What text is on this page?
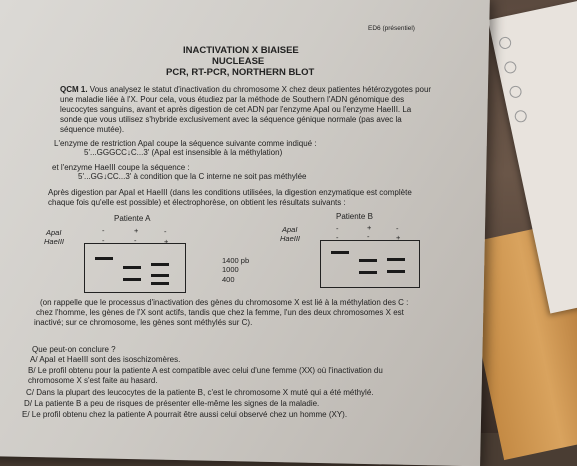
ED6 (présentiel)
INACTIVATION X BIAISEE
NUCLEASE
PCR, RT-PCR, NORTHERN BLOT
QCM 1. Vous analysez le statut d'inactivation du chromosome X chez deux patientes hétérozygotes pour
une maladie liée à l'X. Pour cela, vous étudiez par la méthode de Southern l'ADN génomique des
leucocytes sanguins, avant et après digestion de cet ADN par l'enzyme ApaI ou l'enzyme HaeIII. La
sonde que vous utilisez s'hybride exclusivement avec la séquence génique normale (pas avec la
séquence mutée).
L'enzyme de restriction ApaI coupe la séquence suivante comme indiqué :
5'...GGGCC↓C...3' (ApaI est insensible à la méthylation)
et l'enzyme HaeIII coupe la séquence :
5'...GG↓CC...3' à condition que la C interne ne soit pas méthylée
Après digestion par ApaI et HaeIII (dans les conditions utilisées, la digestion enzymatique est complète
chaque fois qu'elle est possible) et électrophorèse, on obtient les résultats suivants :
Patiente A
ApaI
HaeIII
-	+	-
-	-	+
1400 pb
1000
400
Patiente B
ApaI
HaeIII
-	+	-
-	-	+
(on rappelle que le processus d'inactivation des gènes du chromosome X est lié à la méthylation des C :
chez l'homme, les gènes de l'X sont actifs, tandis que chez la femme, l'un des deux chromosomes X est
inactivé; sur ce chromosome, les gènes sont méthylés sur C).
Que peut-on conclure ?
A/ ApaI et HaeIII sont des isoschizomères.
B/ Le profil obtenu pour la patiente A est compatible avec celui d'une femme (XX) où l'inactivation du
chromosome X s'est faite au hasard.
C/ Dans la plupart des leucocytes de la patiente B, c'est le chromosome X muté qui a été méthylé.
D/ La patiente B a peu de risques de présenter elle-même les signes de la maladie.
E/ Le profil obtenu chez la patiente A pourrait être aussi celui observé chez un homme (XY).
